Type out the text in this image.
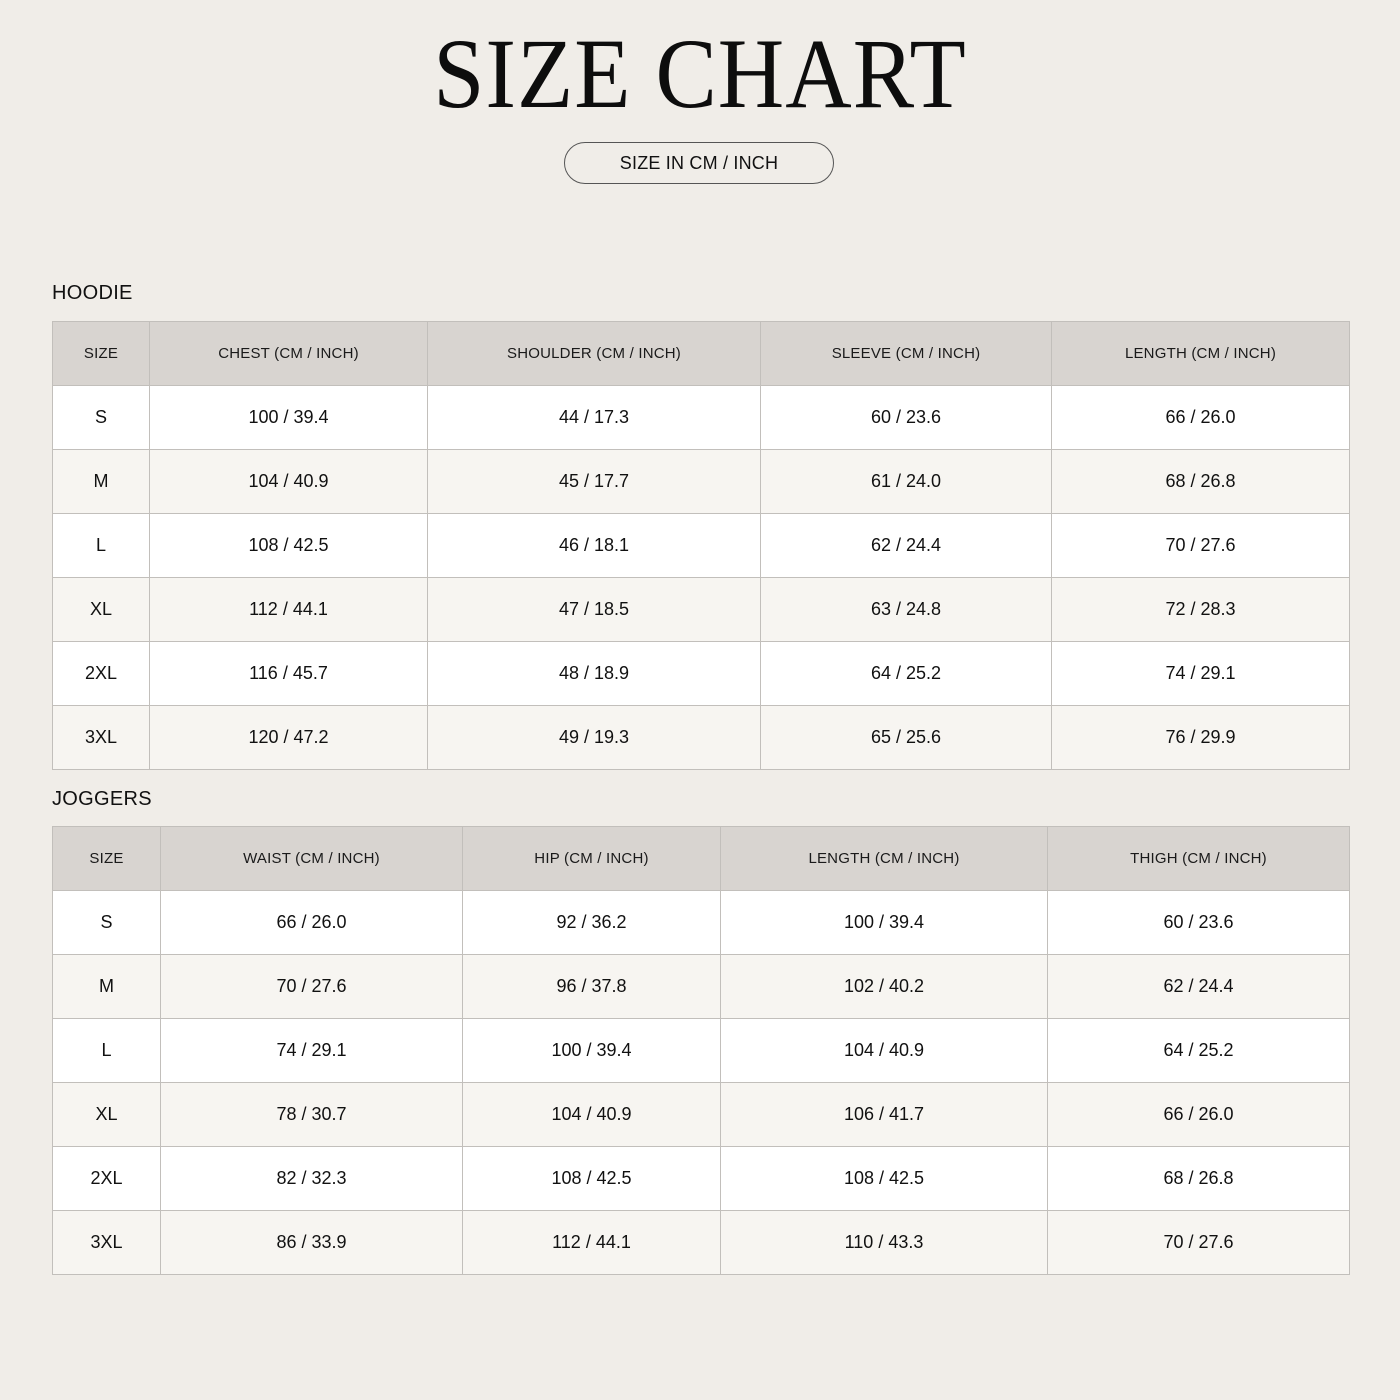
SIZE CHART
SIZE IN CM / INCH
HOODIE
SIZE	CHEST (CM / INCH)	SHOULDER (CM / INCH)	SLEEVE (CM / INCH)	LENGTH (CM / INCH)
S	100 / 39.4	44 / 17.3	60 / 23.6	66 / 26.0
M	104 / 40.9	45 / 17.7	61 / 24.0	68 / 26.8
L	108 / 42.5	46 / 18.1	62 / 24.4	70 / 27.6
XL	112 / 44.1	47 / 18.5	63 / 24.8	72 / 28.3
2XL	116 / 45.7	48 / 18.9	64 / 25.2	74 / 29.1
3XL	120 / 47.2	49 / 19.3	65 / 25.6	76 / 29.9
JOGGERS
SIZE	WAIST (CM / INCH)	HIP (CM / INCH)	LENGTH (CM / INCH)	THIGH (CM / INCH)
S	66 / 26.0	92 / 36.2	100 / 39.4	60 / 23.6
M	70 / 27.6	96 / 37.8	102 / 40.2	62 / 24.4
L	74 / 29.1	100 / 39.4	104 / 40.9	64 / 25.2
XL	78 / 30.7	104 / 40.9	106 / 41.7	66 / 26.0
2XL	82 / 32.3	108 / 42.5	108 / 42.5	68 / 26.8
3XL	86 / 33.9	112 / 44.1	110 / 43.3	70 / 27.6
